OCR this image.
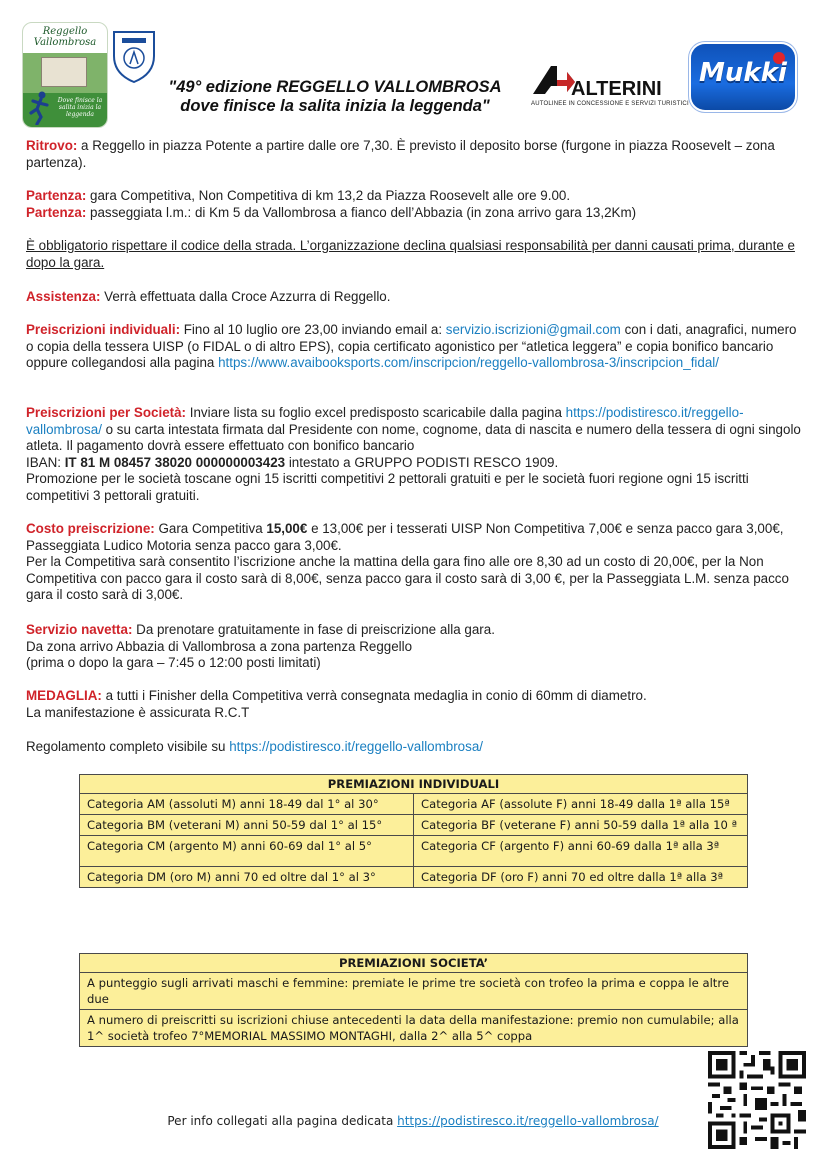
Reggello
Vallombrosa
Dove finisce la salita inizia la leggenda
ALTERINI
AUTOLINEE IN CONCESSIONE E SERVIZI TURISTICI
Mukki
"49° edizione REGGELLO VALLOMBROSA
dove finisce la salita inizia la leggenda"
Ritrovo: a Reggello in piazza Potente a partire dalle ore 7,30. È previsto il deposito borse (furgone in piazza Roosevelt – zona partenza).
Partenza: gara Competitiva, Non Competitiva di km 13,2 da Piazza Roosevelt alle ore 9.00.
Partenza: passeggiata l.m.: di Km 5 da Vallombrosa a fianco dell’Abbazia (in zona arrivo gara 13,2Km)
È obbligatorio rispettare il codice della strada. L’organizzazione declina qualsiasi responsabilità per danni causati prima, durante e dopo la gara.
Assistenza: Verrà effettuata dalla Croce Azzurra di Reggello.
Preiscrizioni individuali: Fino al 10 luglio ore 23,00 inviando email a: servizio.iscrizioni@gmail.com con i dati, anagrafici, numero o copia della tessera UISP (o FIDAL o di altro EPS), copia certificato agonistico per “atletica leggera” e copia bonifico bancario oppure collegandosi alla pagina https://www.avaibooksports.com/inscripcion/reggello-vallombrosa-3/inscripcion_fidal/
Preiscrizioni per Società: Inviare lista su foglio excel predisposto scaricabile dalla pagina https://podistiresco.it/reggello-vallombrosa/ o su carta intestata firmata dal Presidente con nome, cognome, data di nascita e numero della tessera di ogni singolo atleta. Il pagamento dovrà essere effettuato con bonifico bancario
IBAN: IT 81 M 08457 38020 000000003423 intestato a GRUPPO PODISTI RESCO 1909.
Promozione per le società toscane ogni 15 iscritti competitivi 2 pettorali gratuiti e per le società fuori regione ogni 15 iscritti competitivi 3 pettorali gratuiti.
Costo preiscrizione: Gara Competitiva 15,00€ e 13,00€ per i tesserati UISP Non Competitiva 7,00€ e senza pacco gara 3,00€, Passeggiata Ludico Motoria senza pacco gara 3,00€.
Per la Competitiva sarà consentito l’iscrizione anche la mattina della gara fino alle ore 8,30 ad un costo di 20,00€, per la Non Competitiva con pacco gara il costo sarà di 8,00€, senza pacco gara il costo sarà di 3,00 €, per la Passeggiata L.M. senza pacco gara il costo sarà di 3,00€.
Servizio navetta: Da prenotare gratuitamente in fase di preiscrizione alla gara.
Da zona arrivo Abbazia di Vallombrosa a zona partenza Reggello
(prima o dopo la gara – 7:45 o 12:00 posti limitati)
MEDAGLIA: a tutti i Finisher della Competitiva verrà consegnata medaglia in conio di 60mm di diametro.
La manifestazione è assicurata R.C.T
Regolamento completo visibile su https://podistiresco.it/reggello-vallombrosa/
PREMIAZIONI INDIVIDUALI	
Categoria AM (assoluti M) anni 18-49 dal 1° al 30°	Categoria AF (assolute F) anni 18-49 dalla 1ª alla 15ª
Categoria BM (veterani M) anni 50-59 dal 1° al 15°	Categoria BF (veterane F) anni 50-59 dalla 1ª alla 10 ª
Categoria CM (argento M) anni 60-69 dal 1° al 5°	Categoria CF (argento F) anni 60-69 dalla 1ª alla 3ª
Categoria DM (oro M) anni 70 ed oltre dal 1° al 3°	Categoria DF (oro F) anni 70 ed oltre dalla 1ª alla 3ª
PREMIAZIONI SOCIETA’
A punteggio sugli arrivati maschi e femmine: premiate le prime tre società con trofeo la prima e coppa le altre due
A numero di preiscritti su iscrizioni chiuse antecedenti la data della manifestazione: premio non cumulabile; alla 1^ società trofeo 7°MEMORIAL MASSIMO MONTAGHI, dalla 2^ alla 5^ coppa
Per info collegati alla pagina dedicata https://podistiresco.it/reggello-vallombrosa/
